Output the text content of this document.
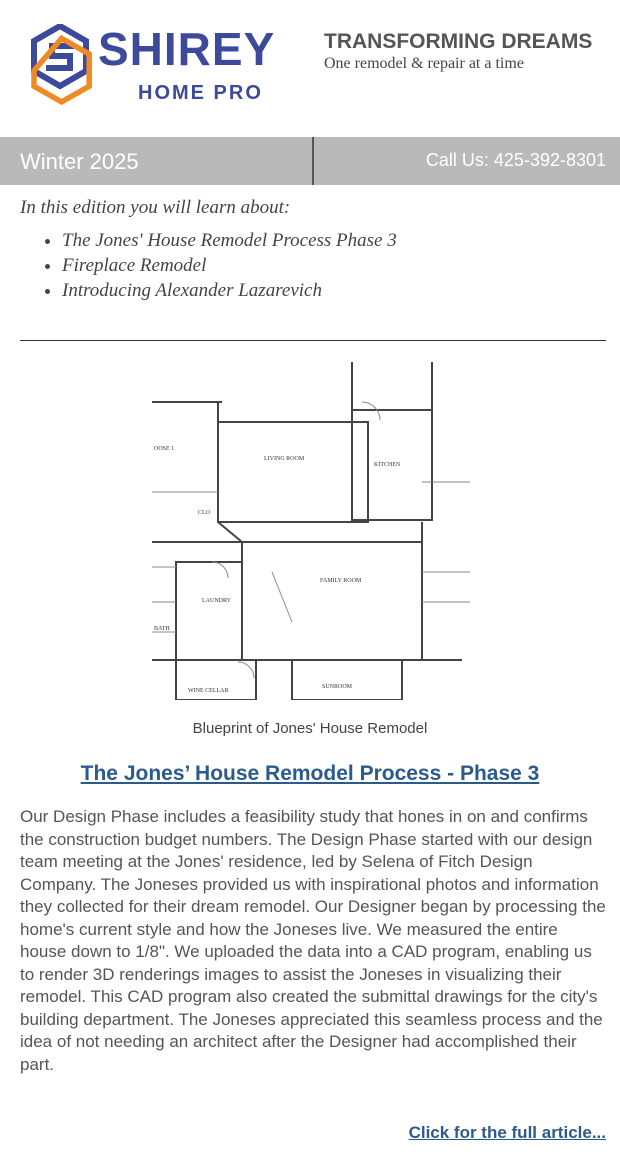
SHIREY
HOME PRO
TRANSFORMING DREAMS
One remodel & repair at a time
Winter 2025	Call Us: 425-392-8301
In this edition you will learn about:
• The Jones' House Remodel Process Phase 3
• Fireplace Remodel
• Introducing Alexander Lazarevich
LIVING ROOM
KITCHEN
FAMILY ROOM
LAUNDRY
WINE CELLAR
SUNROOM
CLO
BATH
OOSE 1
Blueprint of Jones' House Remodel
The Jones’ House Remodel Process - Phase 3

Our Design Phase includes a feasibility study that hones in on and confirms the construction budget numbers. The Design Phase started with our design team meeting at the Jones' residence, led by Selena of Fitch Design Company. The Joneses provided us with inspirational photos and information they collected for their dream remodel. Our Designer began by processing the home's current style and how the Joneses live. We measured the entire house down to 1/8". We uploaded the data into a CAD program, enabling us to render 3D renderings images to assist the Joneses in visualizing their remodel. This CAD program also created the submittal drawings for the city's building department. The Joneses appreciated this seamless process and the idea of not needing an architect after the Designer had accomplished their part.

Click for the full article...
